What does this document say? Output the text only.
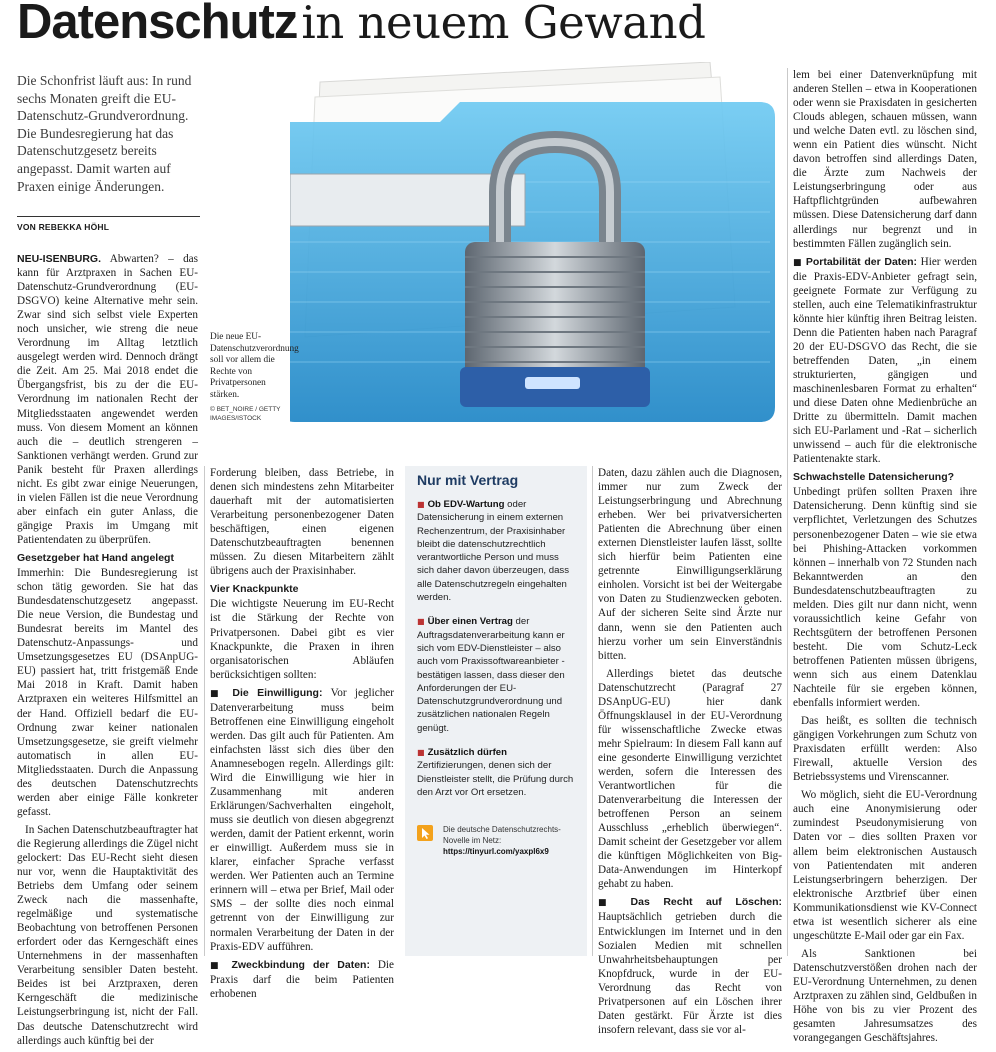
Datenschutz in neuem Gewand
Die Schonfrist läuft aus: In rund sechs Monaten greift die EU-Datenschutz-Grundverordnung. Die Bundesregierung hat das Datenschutzgesetz bereits angepasst. Damit warten auf Praxen einige Änderungen.
VON REBEKKA HÖHL
Die neue EU-Datenschutzverordnung soll vor allem die Rechte von Privatpersonen stärken.
© BET_NOIRE / GETTY IMAGES/ISTOCK

NEU-ISENBURG. Abwarten? – das kann für Arztpraxen in Sachen EU-Datenschutz-Grundverordnung (EU-DSGVO) keine Alternative mehr sein. Zwar sind sich selbst viele Experten noch unsicher, wie streng die neue Verordnung im Alltag letztlich ausgelegt werden wird. Dennoch drängt die Zeit. Am 25. Mai 2018 endet die Übergangsfrist, bis zu der die EU-Verordnung im nationalen Recht der Mitgliedsstaaten angewendet werden muss. Von diesem Moment an können auch die – deutlich strengeren – Sanktionen verhängt werden. Grund zur Panik besteht für Praxen allerdings nicht. Es gibt zwar einige Neuerungen, in vielen Fällen ist die neue Verordnung aber einfach ein guter Anlass, die gängige Praxis im Umgang mit Patientendaten zu überprüfen.

Gesetzgeber hat Hand angelegt

Immerhin: Die Bundesregierung ist schon tätig geworden. Sie hat das Bundesdatenschutzgesetz angepasst. Die neue Version, die Bundestag und Bundesrat bereits im Mantel des Datenschutz-Anpassungs- und Umsetzungsgesetzes EU (DSAnpUG-EU) passiert hat, tritt fristgemäß Ende Mai 2018 in Kraft. Damit haben Arztpraxen ein weiteres Hilfsmittel an der Hand. Offiziell bedarf die EU-Ordnung zwar keiner nationalen Umsetzungsgesetze, sie greift vielmehr automatisch in allen EU-Mitgliedsstaaten. Durch die Anpassung des deutschen Datenschutzrechts werden aber einige Fälle konkreter gefasst.

In Sachen Datenschutzbeauftragter hat die Regierung allerdings die Zügel nicht gelockert: Das EU-Recht sieht diesen nur vor, wenn die Hauptaktivität des Betriebs dem Umfang oder seinem Zweck nach die massenhafte, regelmäßige und systematische Beobachtung von betroffenen Personen erfordert oder das Kerngeschäft eines Unternehmens in der massenhaften Verarbeitung sensibler Daten besteht. Beides ist bei Arztpraxen, deren Kerngeschäft die medizinische Leistungserbringung ist, nicht der Fall. Das deutsche Datenschutzrecht wird allerdings auch künftig bei der

Forderung bleiben, dass Betriebe, in denen sich mindestens zehn Mitarbeiter dauerhaft mit der automatisierten Verarbeitung personenbezogener Daten beschäftigen, einen eigenen Datenschutzbeauftragten benennen müssen. Zu diesen Mitarbeitern zählt übrigens auch der Praxisinhaber.

Vier Knackpunkte

Die wichtigste Neuerung im EU-Recht ist die Stärkung der Rechte von Privatpersonen. Dabei gibt es vier Knackpunkte, die Praxen in ihren organisatorischen Abläufen berücksichtigen sollten:

■ Die Einwilligung: Vor jeglicher Datenverarbeitung muss beim Betroffenen eine Einwilligung eingeholt werden. Das gilt auch für Patienten. Am einfachsten lässt sich dies über den Anamnesebogen regeln. Allerdings gilt: Wird die Einwilligung wie hier in Zusammenhang mit anderen Erklärungen/Sachverhalten eingeholt, muss sie deutlich von diesen abgegrenzt werden, damit der Patient erkennt, worin er einwilligt. Außerdem muss sie in klarer, einfacher Sprache verfasst werden. Wer Patienten auch an Termine erinnern will – etwa per Brief, Mail oder SMS – der sollte dies noch einmal getrennt von der Einwilligung zur normalen Verarbeitung der Daten in der Praxis-EDV aufführen.

■ Zweckbindung der Daten: Die Praxis darf die beim Patienten erhobenen

Nur mit Vertrag
■ Ob EDV-Wartung oder Datensicherung in einem externen Rechenzentrum, der Praxisinhaber bleibt die datenschutzrechtlich verantwortliche Person und muss sich daher davon überzeugen, dass alle Datenschutzregeln eingehalten werden.
■ Über einen Vertrag der Auftragsdatenverarbeitung kann er sich vom EDV-Dienstleister – also auch vom Praxissoftwareanbieter - bestätigen lassen, dass dieser den Anforderungen der EU-Datenschutzgrundverordnung und zusätzlichen nationalen Regeln genügt.
■ Zusätzlich dürfen Zertifizierungen, denen sich der Dienstleister stellt, die Prüfung durch den Arzt vor Ort ersetzen.
Die deutsche Datenschutzrechts-Novelle im Netz:
https://tinyurl.com/yaxpl6x9

Daten, dazu zählen auch die Diagnosen, immer nur zum Zweck der Leistungserbringung und Abrechnung erheben. Wer bei privatversicherten Patienten die Abrechnung über einen externen Dienstleister laufen lässt, sollte sich hierfür beim Patienten eine getrennte Einwilligungserklärung einholen. Vorsicht ist bei der Weitergabe von Daten zu Studienzwecken geboten. Auf der sicheren Seite sind Ärzte nur dann, wenn sie den Patienten auch hierzu vorher um sein Einverständnis bitten.

Allerdings bietet das deutsche Datenschutzrecht (Paragraf 27 DSAnpUG-EU) hier dank Öffnungsklausel in der EU-Verordnung für wissenschaftliche Zwecke etwas mehr Spielraum: In diesem Fall kann auf eine gesonderte Einwilligung verzichtet werden, sofern die Interessen des Verantwortlichen für die Datenverarbeitung die Interessen der betroffenen Person an seinem Ausschluss „erheblich überwiegen“. Damit scheint der Gesetzgeber vor allem die künftigen Möglichkeiten von Big-Data-Anwendungen im Hinterkopf gehabt zu haben.

■ Das Recht auf Löschen: Hauptsächlich getrieben durch die Entwicklungen im Internet und in den Sozialen Medien mit schnellen Unwahrheitsbehauptungen per Knopfdruck, wurde in der EU-Verordnung das Recht von Privatpersonen auf ein Löschen ihrer Daten gestärkt. Für Ärzte ist dies insofern relevant, dass sie vor al-

lem bei einer Datenverknüpfung mit anderen Stellen – etwa in Kooperationen oder wenn sie Praxisdaten in gesicherten Clouds ablegen, schauen müssen, wann und welche Daten evtl. zu löschen sind, wenn ein Patient dies wünscht. Nicht davon betroffen sind allerdings Daten, die Ärzte zum Nachweis der Leistungserbringung oder aus Haftpflichtgründen aufbewahren müssen. Diese Datensicherung darf dann allerdings nur begrenzt und in bestimmten Fällen zugänglich sein.

■ Portabilität der Daten: Hier werden die Praxis-EDV-Anbieter gefragt sein, geeignete Formate zur Verfügung zu stellen, auch eine Telematikinfrastruktur könnte hier künftig ihren Beitrag leisten. Denn die Patienten haben nach Paragraf 20 der EU-DSGVO das Recht, die sie betreffenden Daten, „in einem strukturierten, gängigen und maschinenlesbaren Format zu erhalten“ und diese Daten ohne Medienbrüche an Dritte zu übermitteln. Damit machen sich EU-Parlament und -Rat – sicherlich unwissend – auch für die elektronische Patientenakte stark.

Schwachstelle Datensicherung?

Unbedingt prüfen sollten Praxen ihre Datensicherung. Denn künftig sind sie verpflichtet, Verletzungen des Schutzes personenbezogener Daten – wie sie etwa bei Phishing-Attacken vorkommen können – innerhalb von 72 Stunden nach Bekanntwerden an den Bundesdatenschutzbeauftragten zu melden. Dies gilt nur dann nicht, wenn voraussichtlich keine Gefahr von Rechtsgütern der betroffenen Personen besteht. Die vom Schutz-Leck betroffenen Patienten müssen übrigens, wenn sich aus einem Datenklau Nachteile für sie ergeben können, ebenfalls informiert werden.

Das heißt, es sollten die technisch gängigen Vorkehrungen zum Schutz von Praxisdaten erfüllt werden: Also Firewall, aktuelle Version des Betriebssystems und Virenscanner.

Wo möglich, sieht die EU-Verordnung auch eine Anonymisierung oder zumindest Pseudonymisierung von Daten vor – dies sollten Praxen vor allem beim elektronischen Austausch von Patientendaten mit anderen Leistungserbringern beherzigen. Der elektronische Arztbrief über einen Kommunikationsdienst wie KV-Connect etwa ist wesentlich sicherer als eine ungeschützte E-Mail oder gar ein Fax.

Als Sanktionen bei Datenschutzverstößen drohen nach der EU-Verordnung Unternehmen, zu denen Arztpraxen zu zählen sind, Geldbußen in Höhe von bis zu vier Prozent des gesamten Jahresumsatzes des vorangegangen Geschäftsjahres.
